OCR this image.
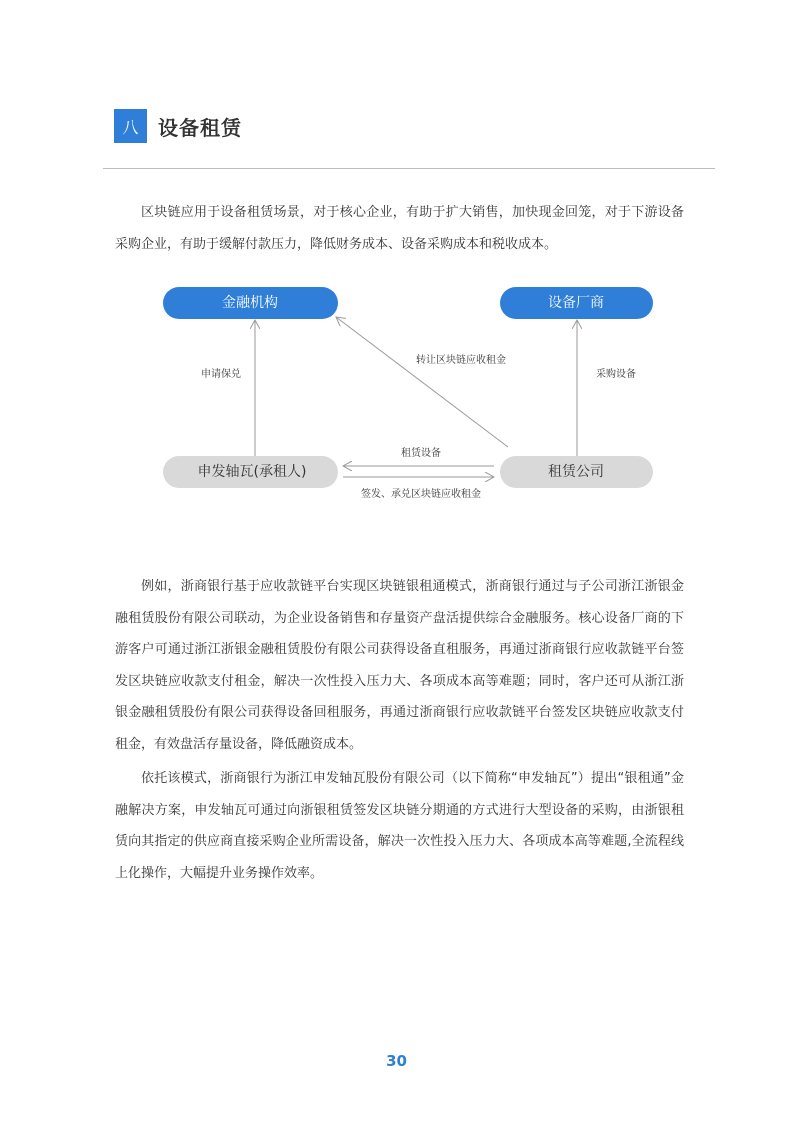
八 设备租赁

区块链应用于设备租赁场景，对于核心企业，有助于扩大销售，加快现金回笼，对于下游设备采购企业，有助于缓解付款压力，降低财务成本、设备采购成本和税收成本。

金融机构	设备厂商
申发轴瓦(承租人)	租赁公司
申请保兑
转让区块链应收租金
采购设备
租赁设备
签发、承兑区块链应收租金

例如，浙商银行基于应收款链平台实现区块链银租通模式，浙商银行通过与子公司浙江浙银金融租赁股份有限公司联动，为企业设备销售和存量资产盘活提供综合金融服务。核心设备厂商的下游客户可通过浙江浙银金融租赁股份有限公司获得设备直租服务，再通过浙商银行应收款链平台签发区块链应收款支付租金，解决一次性投入压力大、各项成本高等难题；同时，客户还可从浙江浙银金融租赁股份有限公司获得设备回租服务，再通过浙商银行应收款链平台签发区块链应收款支付租金，有效盘活存量设备，降低融资成本。

依托该模式，浙商银行为浙江申发轴瓦股份有限公司（以下简称“申发轴瓦”）提出“银租通”金融解决方案，申发轴瓦可通过向浙银租赁签发区块链分期通的方式进行大型设备的采购，由浙银租赁向其指定的供应商直接采购企业所需设备，解决一次性投入压力大、各项成本高等难题,全流程线上化操作，大幅提升业务操作效率。

30
